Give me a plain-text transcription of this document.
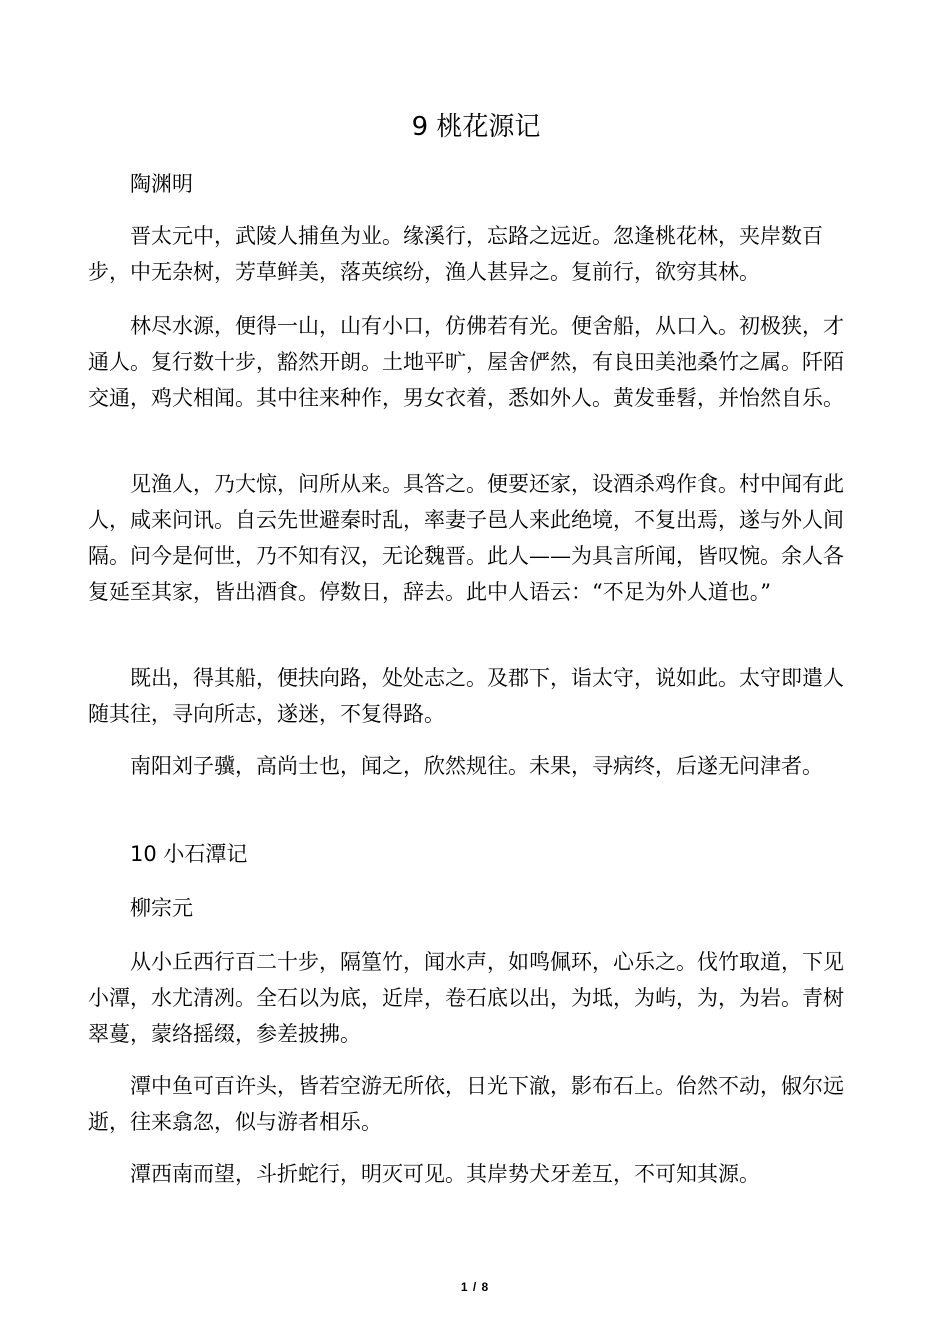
9 桃花源记

陶渊明

晋太元中，武陵人捕鱼为业。缘溪行，忘路之远近。忽逢桃花林，夹岸数百步，中无杂树，芳草鲜美，落英缤纷，渔人甚异之。复前行，欲穷其林。

林尽水源，便得一山，山有小口，仿佛若有光。便舍船，从口入。初极狭，才通人。复行数十步，豁然开朗。土地平旷，屋舍俨然，有良田美池桑竹之属。阡陌交通，鸡犬相闻。其中往来种作，男女衣着，悉如外人。黄发垂髫，并怡然自乐。

见渔人，乃大惊，问所从来。具答之。便要还家，设酒杀鸡作食。村中闻有此人，咸来问讯。自云先世避秦时乱，率妻子邑人来此绝境，不复出焉，遂与外人间隔。问今是何世，乃不知有汉，无论魏晋。此人——为具言所闻，皆叹惋。余人各复延至其家，皆出酒食。停数日，辞去。此中人语云：“不足为外人道也。”

既出，得其船，便扶向路，处处志之。及郡下，诣太守，说如此。太守即遣人随其往，寻向所志，遂迷，不复得路。

南阳刘子骥，高尚士也，闻之，欣然规往。未果，寻病终，后遂无问津者。

10 小石潭记

柳宗元

从小丘西行百二十步，隔篁竹，闻水声，如鸣佩环，心乐之。伐竹取道，下见小潭，水尤清冽。全石以为底，近岸，卷石底以出，为坻，为屿，为，为岩。青树翠蔓，蒙络摇缀，参差披拂。

潭中鱼可百许头，皆若空游无所依，日光下澈，影布石上。佁然不动，俶尔远逝，往来翕忽，似与游者相乐。

潭西南而望，斗折蛇行，明灭可见。其岸势犬牙差互，不可知其源。

1 / 8
